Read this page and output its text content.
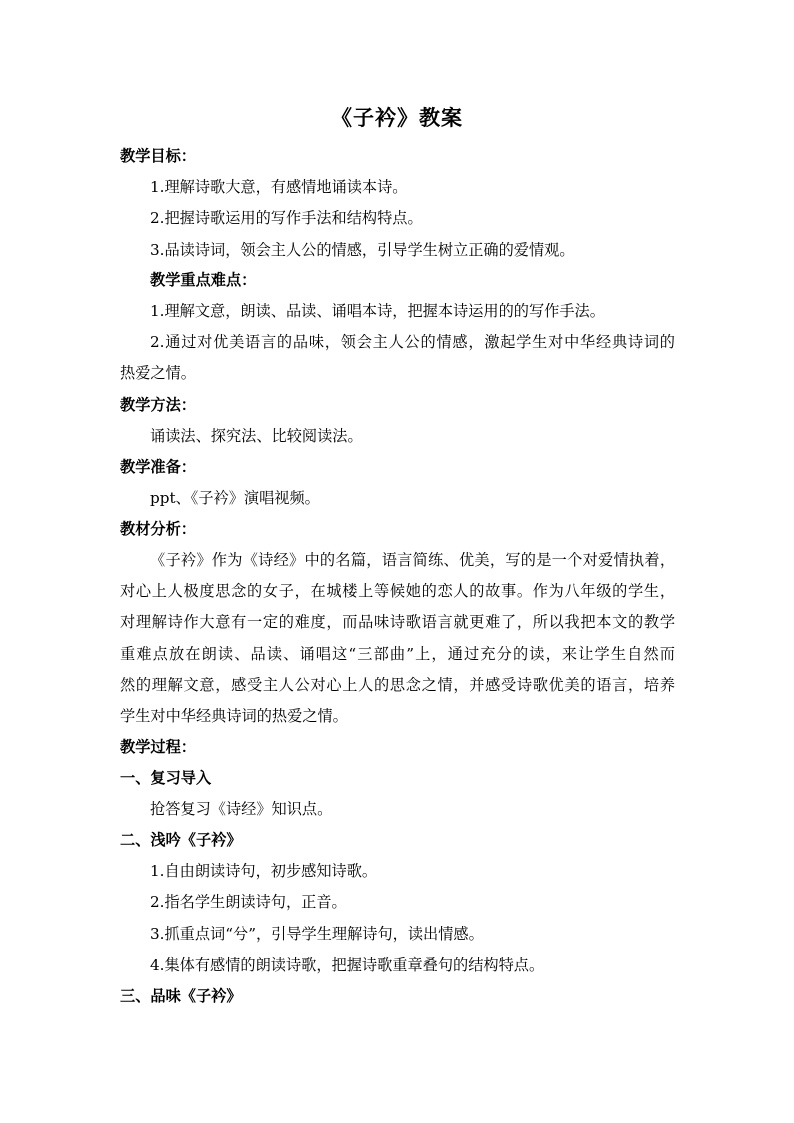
《子衿》教案
教学目标：
1.理解诗歌大意，有感情地诵读本诗。
2.把握诗歌运用的写作手法和结构特点。
3.品读诗词，领会主人公的情感，引导学生树立正确的爱情观。
教学重点难点：
1.理解文意，朗读、品读、诵唱本诗，把握本诗运用的的写作手法。
2.通过对优美语言的品味，领会主人公的情感，激起学生对中华经典诗词的
热爱之情。
教学方法：
诵读法、探究法、比较阅读法。
教学准备：
ppt、《子衿》演唱视频。
教材分析：
《子衿》作为《诗经》中的名篇，语言简练、优美，写的是一个对爱情执着，
对心上人极度思念的女子，在城楼上等候她的恋人的故事。作为八年级的学生，
对理解诗作大意有一定的难度，而品味诗歌语言就更难了，所以我把本文的教学
重难点放在朗读、品读、诵唱这“三部曲”上，通过充分的读，来让学生自然而
然的理解文意，感受主人公对心上人的思念之情，并感受诗歌优美的语言，培养
学生对中华经典诗词的热爱之情。
教学过程：
一、复习导入
抢答复习《诗经》知识点。
二、浅吟《子衿》
1.自由朗读诗句，初步感知诗歌。
2.指名学生朗读诗句，正音。
3.抓重点词“兮”，引导学生理解诗句，读出情感。
4.集体有感情的朗读诗歌，把握诗歌重章叠句的结构特点。
三、品味《子衿》
